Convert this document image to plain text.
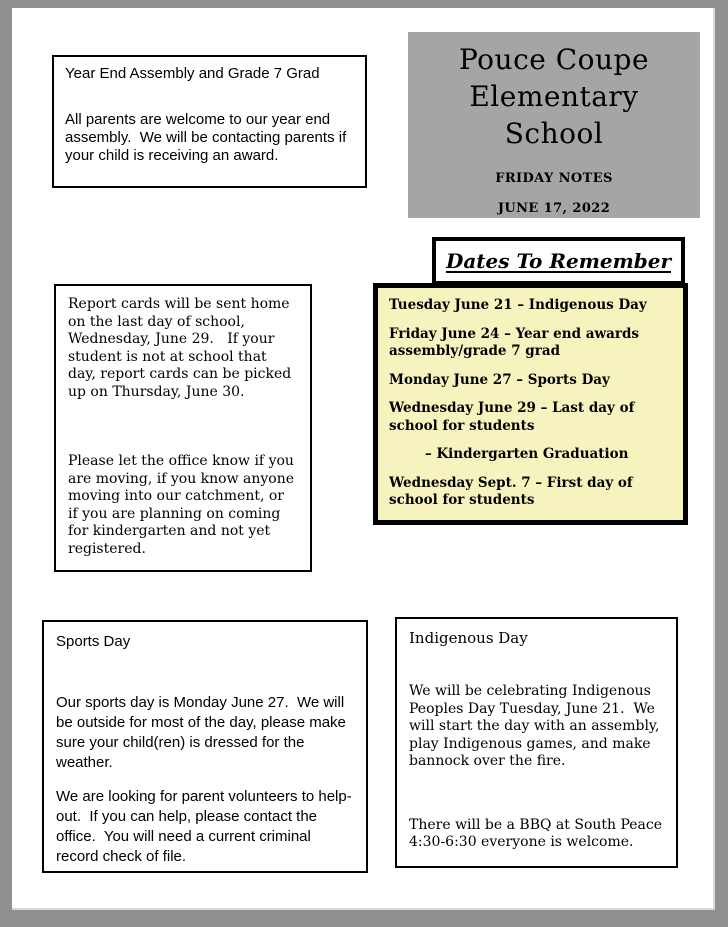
Year End Assembly and Grade 7 Grad

All parents are welcome to our year end assembly.  We will be contacting parents if your child is receiving an award.

Pouce Coupe
Elementary
School
FRIDAY NOTES
JUNE 17, 2022
Dates To Remember

Tuesday June 21 – Indigenous Day

Friday June 24 – Year end awards assembly/grade 7 grad

Monday June 27 – Sports Day

Wednesday June 29 – Last day of school for students

– Kindergarten Graduation

Wednesday Sept. 7 – First day of school for students

Report cards will be sent home on the last day of school, Wednesday, June 29.   If your student is not at school that day, report cards can be picked up on Thursday, June 30.

Please let the office know if you are moving, if you know anyone moving into our catchment, or if you are planning on coming for kindergarten and not yet registered.

Sports Day

Our sports day is Monday June 27.  We will be outside for most of the day, please make sure your child(ren) is dressed for the weather.

We are looking for parent volunteers to help-out.  If you can help, please contact the office.  You will need a current criminal record check of file.

Indigenous Day

We will be celebrating Indigenous Peoples Day Tuesday, June 21.  We will start the day with an assembly, play Indigenous games, and make bannock over the fire.

There will be a BBQ at South Peace 4:30-6:30 everyone is welcome.
